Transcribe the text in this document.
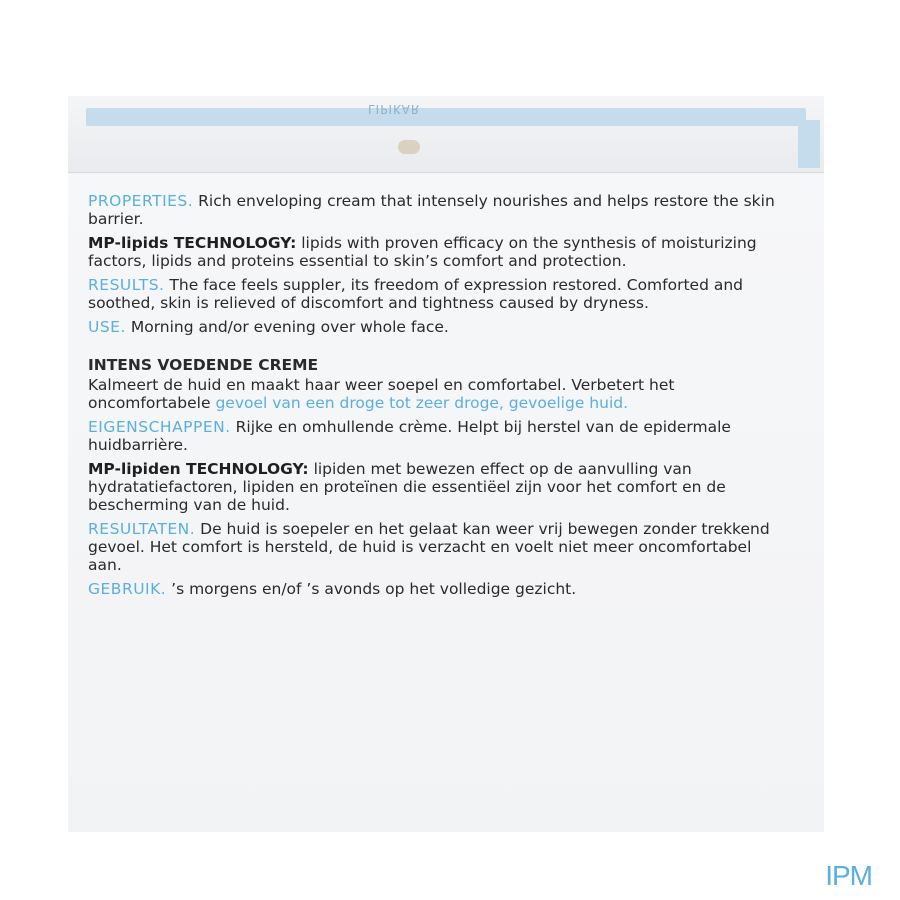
LIPIKAR

PROPERTIES. Rich enveloping cream that intensely nourishes and helps restore the skin barrier.

MP-lipids TECHNOLOGY: lipids with proven efficacy on the synthesis of moisturizing factors, lipids and proteins essential to skin’s comfort and protection.

RESULTS. The face feels suppler, its freedom of expression restored. Comforted and soothed, skin is relieved of discomfort and tightness caused by dryness.

USE. Morning and/or evening over whole face.

INTENS VOEDENDE CREME

Kalmeert de huid en maakt haar weer soepel en comfortabel. Verbetert het oncomfortabele gevoel van een droge tot zeer droge, gevoelige huid.

EIGENSCHAPPEN. Rijke en omhullende crème. Helpt bij herstel van de epidermale huidbarrière.

MP-lipiden TECHNOLOGY: lipiden met bewezen effect op de aanvulling van hydratatiefactoren, lipiden en proteïnen die essentiëel zijn voor het comfort en de bescherming van de huid.

RESULTATEN. De huid is soepeler en het gelaat kan weer vrij bewegen zonder trekkend gevoel. Het comfort is hersteld, de huid is verzacht en voelt niet meer oncomfortabel aan.

GEBRUIK. ’s morgens en/of ’s avonds op het volledige gezicht.

IPM
